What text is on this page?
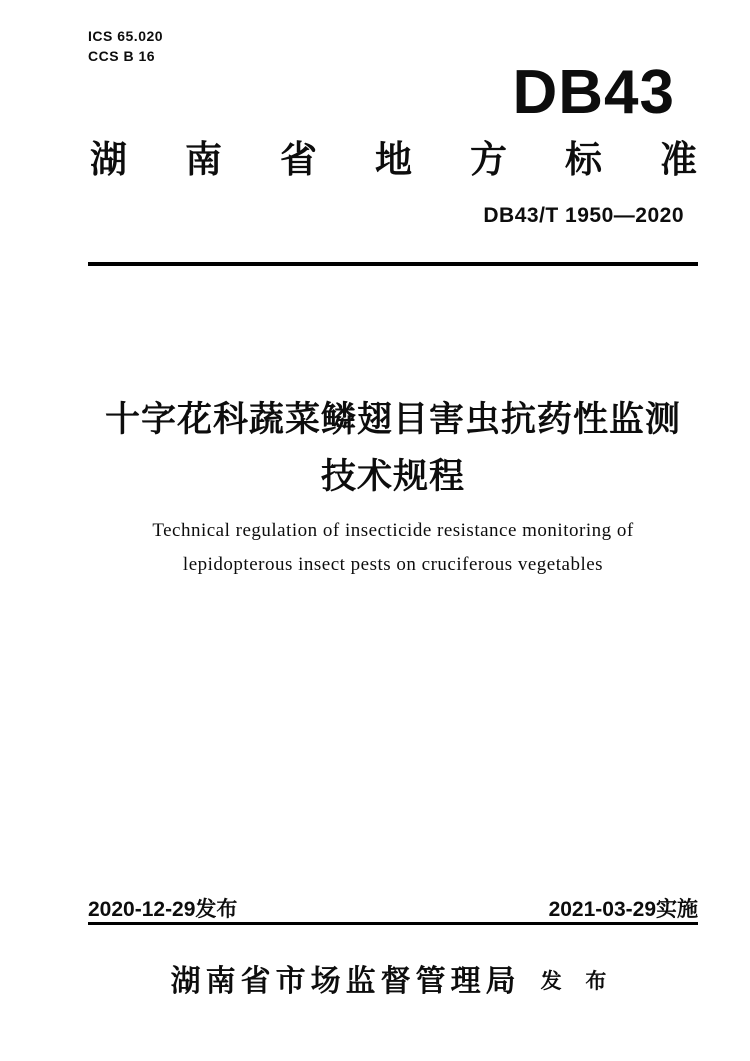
ICS 65.020
CCS B 16
DB43
湖 南 省 地 方 标 准
DB43/T 1950—2020
十字花科蔬菜鳞翅目害虫抗药性监测
技术规程
Technical regulation of insecticide resistance monitoring of
lepidopterous insect pests on cruciferous vegetables
2020-12-29发布	2021-03-29实施
湖南省市场监督管理局 发 布
